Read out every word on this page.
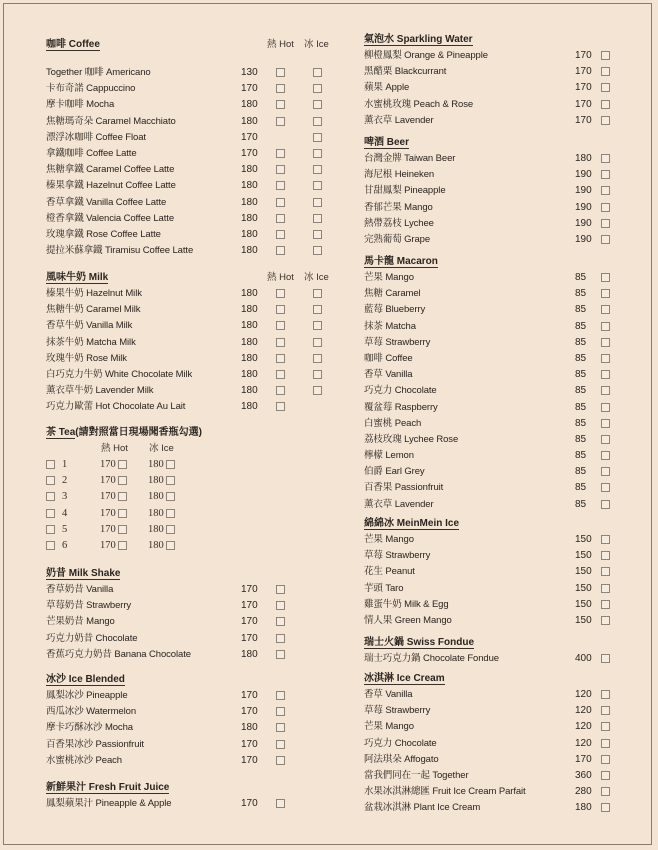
咖啡 Coffee	熱 Hot 冰 Ice
Together 咖啡 Americano	130
卡布奇諾 Cappuccino	170
摩卡咖啡 Mocha	180
焦糖瑪奇朵 Caramel Macchiato	180
漂浮冰咖啡 Coffee Float	170
拿鐵咖啡 Coffee Latte	170
焦糖拿鐵 Caramel Coffee Latte	180
榛果拿鐵 Hazelnut Coffee Latte	180
香草拿鐵 Vanilla Coffee Latte	180
橙香拿鐵 Valencia Coffee Latte	180
玫瑰拿鐵 Rose Coffee Latte	180
提拉米蘇拿鐵 Tiramisu Coffee Latte	180
風味牛奶 Milk	熱 Hot 冰 Ice
榛果牛奶 Hazelnut Milk	180
焦糖牛奶 Caramel Milk	180
香草牛奶 Vanilla Milk	180
抹茶牛奶 Matcha Milk	180
玫瑰牛奶 Rose Milk	180
白巧克力牛奶 White Chocolate Milk	180
薰衣草牛奶 Lavender Milk	180
巧克力歐蕾 Hot Chocolate Au Lait	180
茶 Tea(請對照當日現場聞香瓶勾選)
熱 Hot 冰 Ice
1	170	180
2	170	180
3	170	180
4	170	180
5	170	180
6	170	180
奶昔 Milk Shake
香草奶昔 Vanilla	170
草莓奶昔 Strawberry	170
芒果奶昔 Mango	170
巧克力奶昔 Chocolate	170
香蕉巧克力奶昔 Banana Chocolate	180
冰沙 Ice Blended
鳳梨冰沙 Pineapple	170
西瓜冰沙 Watermelon	170
摩卡巧酥冰沙 Mocha	180
百香果冰沙 Passionfruit	170
水蜜桃冰沙 Peach	170
新鮮果汁 Fresh Fruit Juice
鳳梨蘋果汁 Pineapple & Apple	170
氣泡水 Sparkling Water
柳橙鳳梨 Orange & Pineapple	170
黑醋栗 Blackcurrant	170
蘋果 Apple	170
水蜜桃玫瑰 Peach & Rose	170
薰衣草 Lavender	170
啤酒 Beer
台灣金牌 Taiwan Beer	180
海尼根 Heineken	190
甘甜鳳梨 Pineapple	190
香郁芒果 Mango	190
熱帶荔枝 Lychee	190
完熟葡萄 Grape	190
馬卡龍 Macaron
芒果 Mango	85
焦糖 Caramel	85
藍莓 Blueberry	85
抹茶 Matcha	85
草莓 Strawberry	85
咖啡 Coffee	85
香草 Vanilla	85
巧克力 Chocolate	85
覆盆莓 Raspberry	85
白蜜桃 Peach	85
荔枝玫瑰 Lychee Rose	85
檸檬 Lemon	85
伯爵 Earl Grey	85
百香果 Passionfruit	85
薰衣草 Lavender	85
綿綿冰 MeinMein Ice
芒果 Mango	150
草莓 Strawberry	150
花生 Peanut	150
芋頭 Taro	150
雞蛋牛奶 Milk & Egg	150
情人果 Green Mango	150
瑞士火鍋 Swiss Fondue
瑞士巧克力鍋 Chocolate Fondue	400
冰淇淋 Ice Cream
香草 Vanilla	120
草莓 Strawberry	120
芒果 Mango	120
巧克力 Chocolate	120
阿法琪朵 Affogato	170
當我們同在一起 Together	360
水果冰淇淋總匯 Fruit Ice Cream Parfait	280
盆栽冰淇淋 Plant Ice Cream	180
